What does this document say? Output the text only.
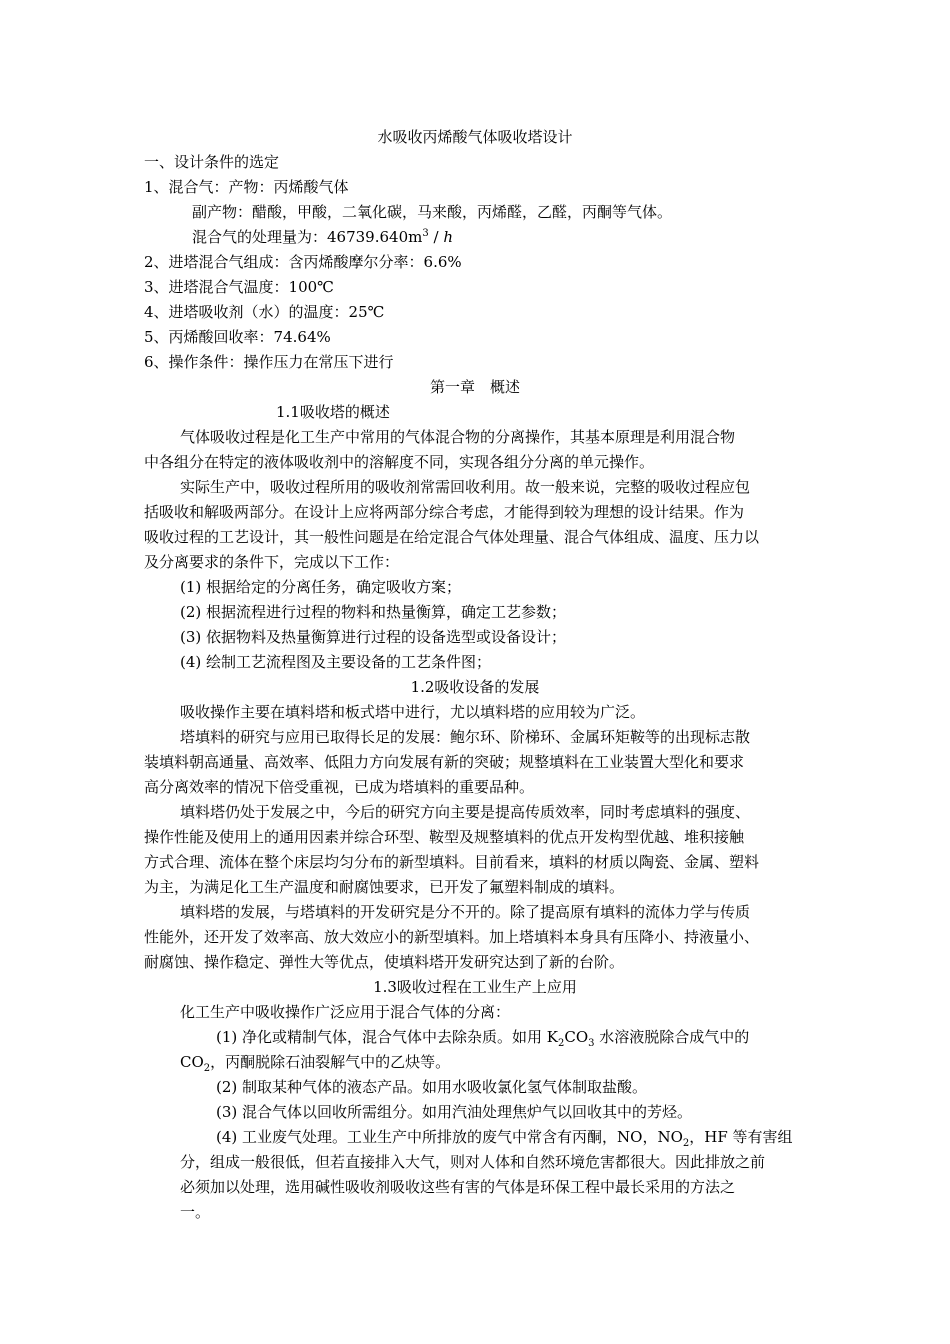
水吸收丙烯酸气体吸收塔设计
一、设计条件的选定
1、混合气：产物：丙烯酸气体
副产物：醋酸，甲酸，二氧化碳，马来酸，丙烯醛，乙醛，丙酮等气体。
混合气的处理量为：$46739.640m^3$ / h
2、进塔混合气组成：含丙烯酸摩尔分率：6.6%
3、进塔混合气温度：100℃
4、进塔吸收剂（水）的温度：25℃
5、丙烯酸回收率：74.64%
6、操作条件：操作压力在常压下进行
第一章　概述
1.1吸收塔的概述
气体吸收过程是化工生产中常用的气体混合物的分离操作，其基本原理是利用混合物
中各组分在特定的液体吸收剂中的溶解度不同，实现各组分分离的单元操作。
实际生产中，吸收过程所用的吸收剂常需回收利用。故一般来说，完整的吸收过程应包
括吸收和解吸两部分。在设计上应将两部分综合考虑，才能得到较为理想的设计结果。作为
吸收过程的工艺设计，其一般性问题是在给定混合气体处理量、混合气体组成、温度、压力以
及分离要求的条件下，完成以下工作：
(1) 根据给定的分离任务，确定吸收方案；
(2) 根据流程进行过程的物料和热量衡算，确定工艺参数；
(3) 依据物料及热量衡算进行过程的设备选型或设备设计；
(4) 绘制工艺流程图及主要设备的工艺条件图；
1.2吸收设备的发展
吸收操作主要在填料塔和板式塔中进行，尤以填料塔的应用较为广泛。
塔填料的研究与应用已取得长足的发展：鲍尔环、阶梯环、金属环矩鞍等的出现标志散
装填料朝高通量、高效率、低阻力方向发展有新的突破；规整填料在工业装置大型化和要求
高分离效率的情况下倍受重视，已成为塔填料的重要品种。
填料塔仍处于发展之中，今后的研究方向主要是提高传质效率，同时考虑填料的强度、
操作性能及使用上的通用因素并综合环型、鞍型及规整填料的优点开发构型优越、堆积接触
方式合理、流体在整个床层均匀分布的新型填料。目前看来，填料的材质以陶瓷、金属、塑料
为主，为满足化工生产温度和耐腐蚀要求，已开发了氟塑料制成的填料。
填料塔的发展，与塔填料的开发研究是分不开的。除了提高原有填料的流体力学与传质
性能外，还开发了效率高、放大效应小的新型填料。加上塔填料本身具有压降小、持液量小、
耐腐蚀、操作稳定、弹性大等优点，使填料塔开发研究达到了新的台阶。
1.3吸收过程在工业生产上应用
化工生产中吸收操作广泛应用于混合气体的分离：
(1) 净化或精制气体，混合气体中去除杂质。如用 $K_2CO_3$ 水溶液脱除合成气中的
$CO_2$，丙酮脱除石油裂解气中的乙炔等。
(2) 制取某种气体的液态产品。如用水吸收氯化氢气体制取盐酸。
(3) 混合气体以回收所需组分。如用汽油处理焦炉气以回收其中的芳烃。
(4) 工业废气处理。工业生产中所排放的废气中常含有丙酮，NO，$NO_2$，HF 等有害组
分，组成一般很低，但若直接排入大气，则对人体和自然环境危害都很大。因此排放之前
必须加以处理，选用碱性吸收剂吸收这些有害的气体是环保工程中最长采用的方法之
一。
